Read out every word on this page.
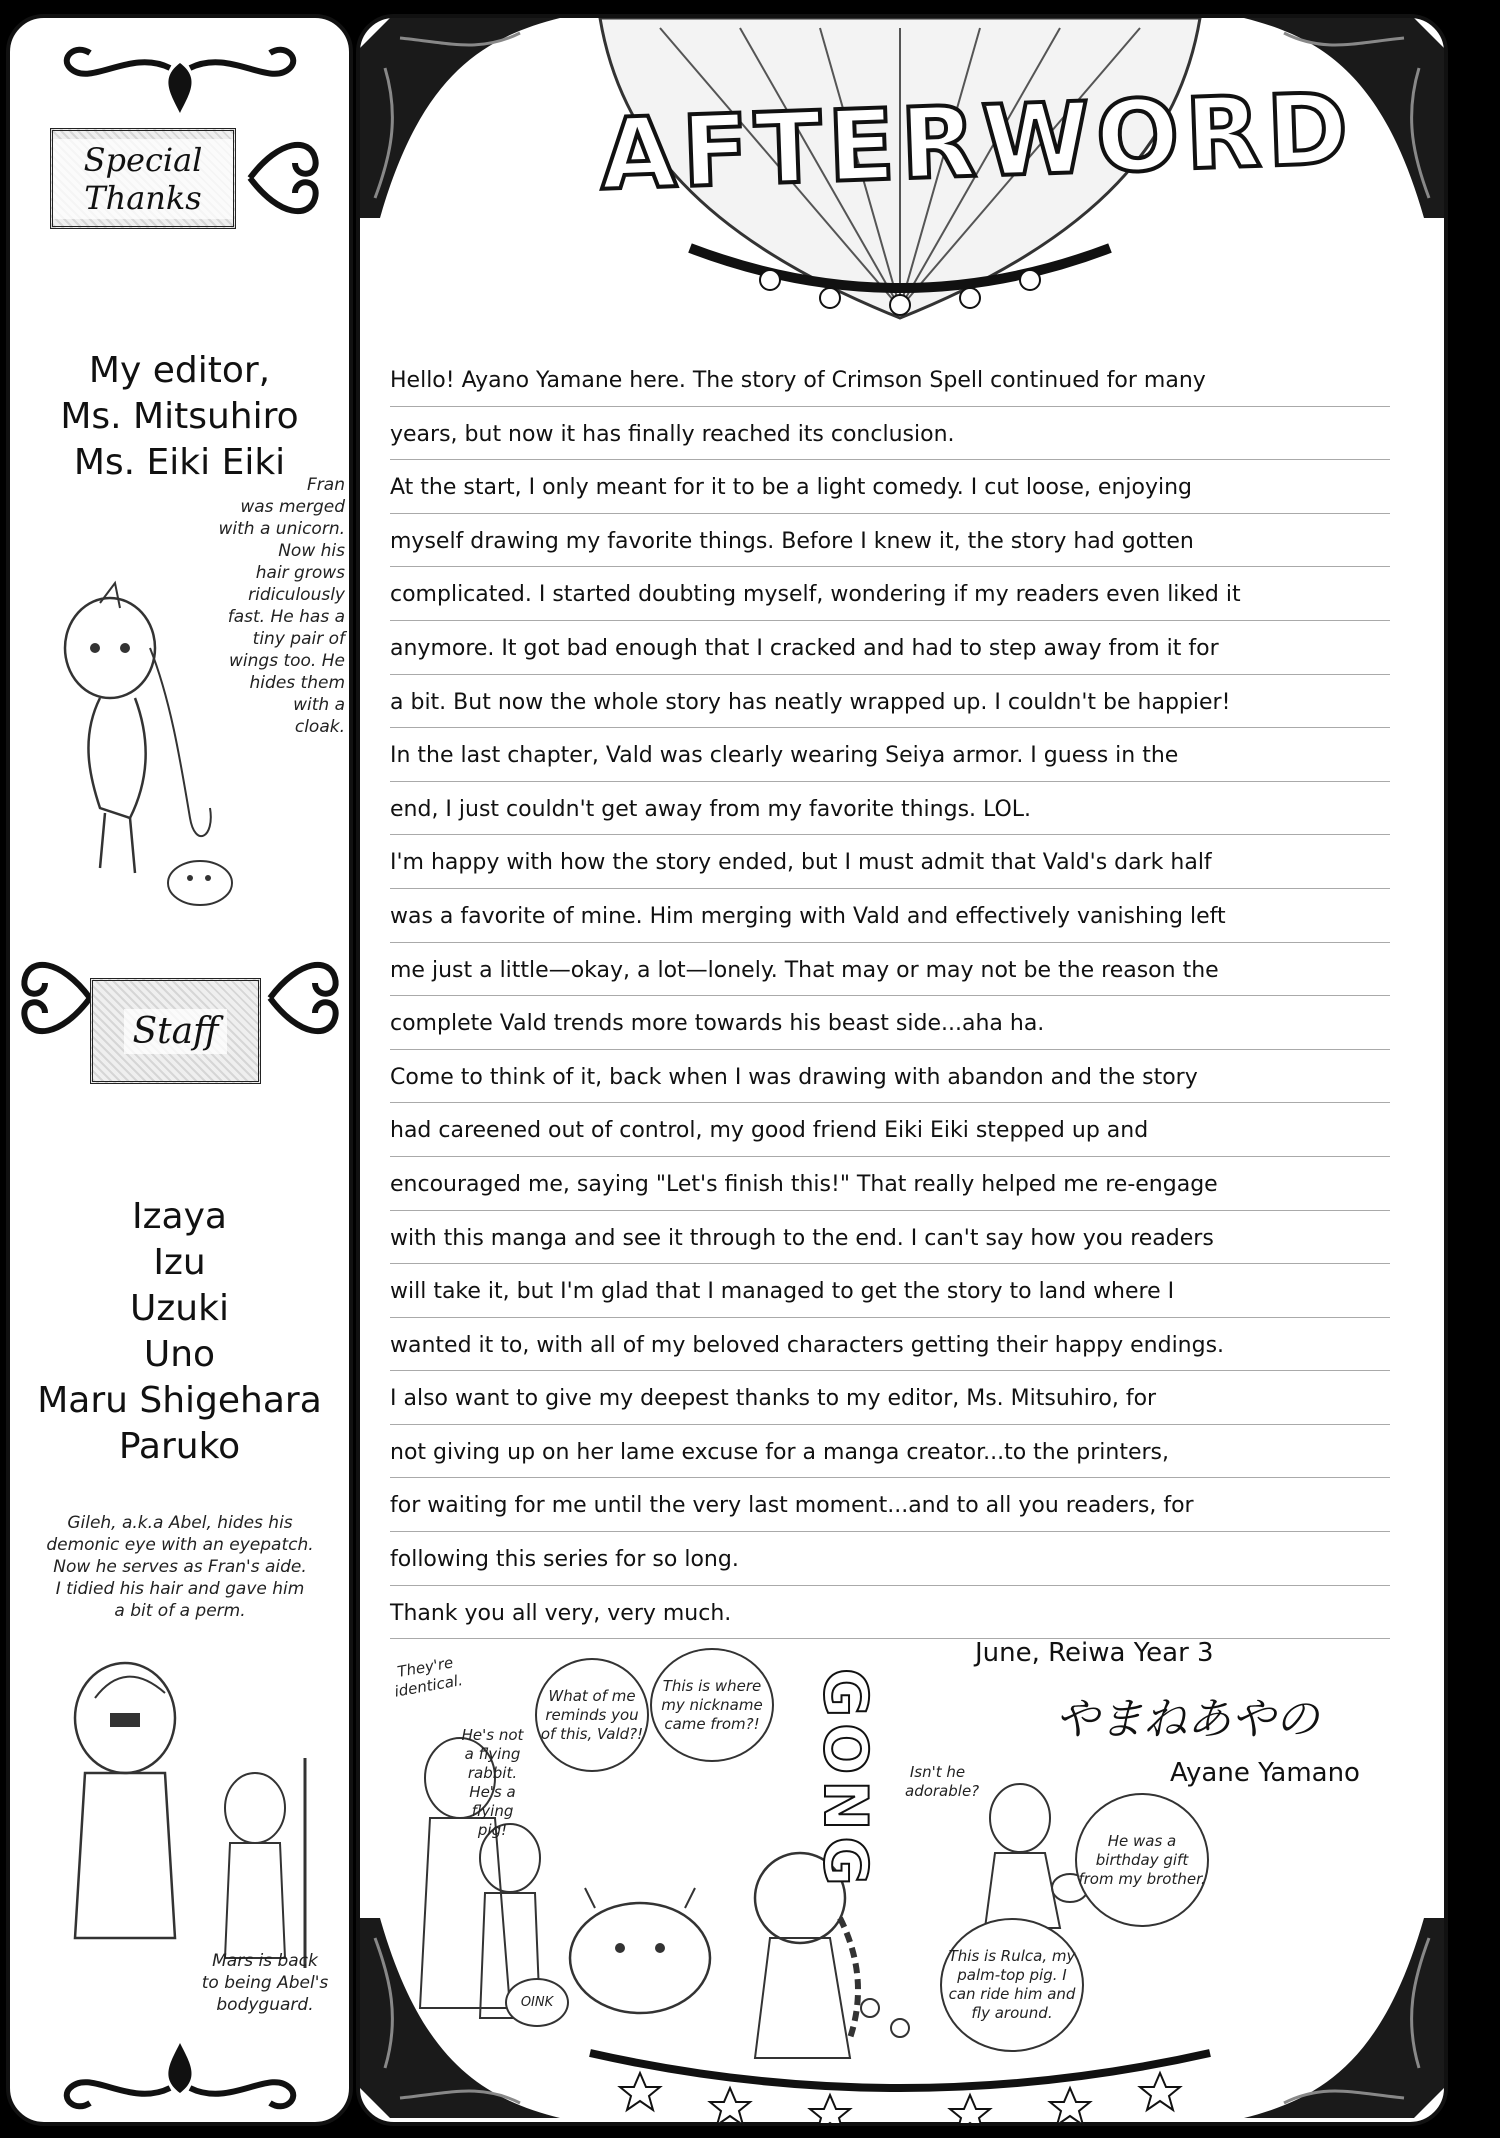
Special Thanks
My editor,
Ms. Mitsuhiro
Ms. Eiki Eiki
Fran
was merged
with a unicorn.
Now his
hair grows
ridiculously
fast. He has a
tiny pair of
wings too. He
hides them
with a
cloak.
Staff
Izaya
Izu
Uzuki
Uno
Maru Shigehara
Paruko
Gileh, a.k.a Abel, hides his
demonic eye with an eyepatch.
Now he serves as Fran's aide.
I tidied his hair and gave him
a bit of a perm.
Mars is back
to being Abel's
bodyguard.
AFTERWORD
Hello! Ayano Yamane here. The story of Crimson Spell continued for many
years, but now it has finally reached its conclusion.
At the start, I only meant for it to be a light comedy. I cut loose, enjoying
myself drawing my favorite things. Before I knew it, the story had gotten
complicated. I started doubting myself, wondering if my readers even liked it
anymore. It got bad enough that I cracked and had to step away from it for
a bit. But now the whole story has neatly wrapped up. I couldn't be happier!
In the last chapter, Vald was clearly wearing Seiya armor. I guess in the
end, I just couldn't get away from my favorite things. LOL.
I'm happy with how the story ended, but I must admit that Vald's dark half
was a favorite of mine. Him merging with Vald and effectively vanishing left
me just a little—okay, a lot—lonely. That may or may not be the reason the
complete Vald trends more towards his beast side...aha ha.
Come to think of it, back when I was drawing with abandon and the story
had careened out of control, my good friend Eiki Eiki stepped up and
encouraged me, saying "Let's finish this!" That really helped me re-engage
with this manga and see it through to the end. I can't say how you readers
will take it, but I'm glad that I managed to get the story to land where I
wanted it to, with all of my beloved characters getting their happy endings.
I also want to give my deepest thanks to my editor, Ms. Mitsuhiro, for
not giving up on her lame excuse for a manga creator...to the printers,
for waiting for me until the very last moment...and to all you readers, for
following this series for so long.
Thank you all very, very much.
June, Reiwa Year 3
やまねあやの
Ayane Yamano
They're identical.
He's not a flying rabbit. He's a flying pig!
What of me reminds you of this, Vald?!
This is where my nickname came from?! GONG	Isn't he adorable?
He was a birthday gift from my brother.
This is Rulca, my palm-top pig. I can ride him and fly around.
OINK
